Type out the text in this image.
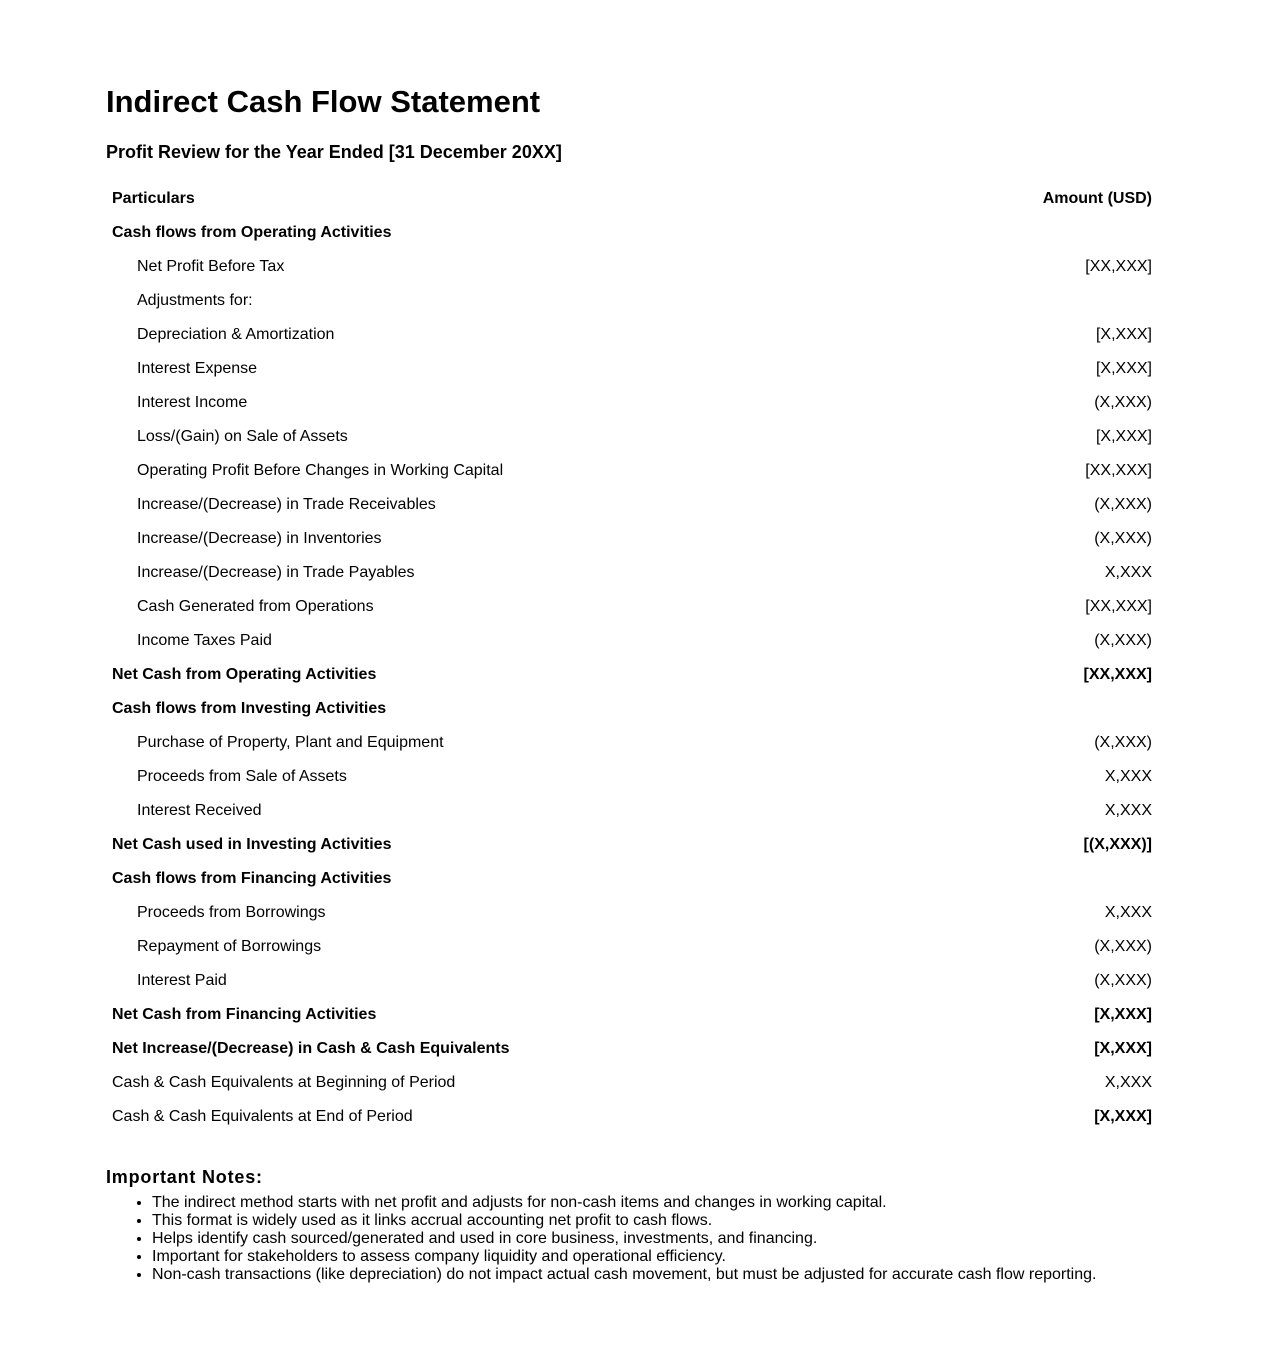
Indirect Cash Flow Statement
Profit Review for the Year Ended [31 December 20XX]
Particulars	Amount (USD)
Cash flows from Operating Activities
Net Profit Before Tax	[XX,XXX]
Adjustments for:
Depreciation & Amortization	[X,XXX]
Interest Expense	[X,XXX]
Interest Income	(X,XXX)
Loss/(Gain) on Sale of Assets	[X,XXX]
Operating Profit Before Changes in Working Capital	[XX,XXX]
Increase/(Decrease) in Trade Receivables	(X,XXX)
Increase/(Decrease) in Inventories	(X,XXX)
Increase/(Decrease) in Trade Payables	X,XXX
Cash Generated from Operations	[XX,XXX]
Income Taxes Paid	(X,XXX)
Net Cash from Operating Activities	[XX,XXX]
Cash flows from Investing Activities
Purchase of Property, Plant and Equipment	(X,XXX)
Proceeds from Sale of Assets	X,XXX
Interest Received	X,XXX
Net Cash used in Investing Activities	[(X,XXX)]
Cash flows from Financing Activities
Proceeds from Borrowings	X,XXX
Repayment of Borrowings	(X,XXX)
Interest Paid	(X,XXX)
Net Cash from Financing Activities	[X,XXX]
Net Increase/(Decrease) in Cash & Cash Equivalents	[X,XXX]
Cash & Cash Equivalents at Beginning of Period	X,XXX
Cash & Cash Equivalents at End of Period	[X,XXX]
Important Notes:
• The indirect method starts with net profit and adjusts for non-cash items and changes in working capital.
• This format is widely used as it links accrual accounting net profit to cash flows.
• Helps identify cash sourced/generated and used in core business, investments, and financing.
• Important for stakeholders to assess company liquidity and operational efficiency.
• Non-cash transactions (like depreciation) do not impact actual cash movement, but must be adjusted for accurate cash flow reporting.
